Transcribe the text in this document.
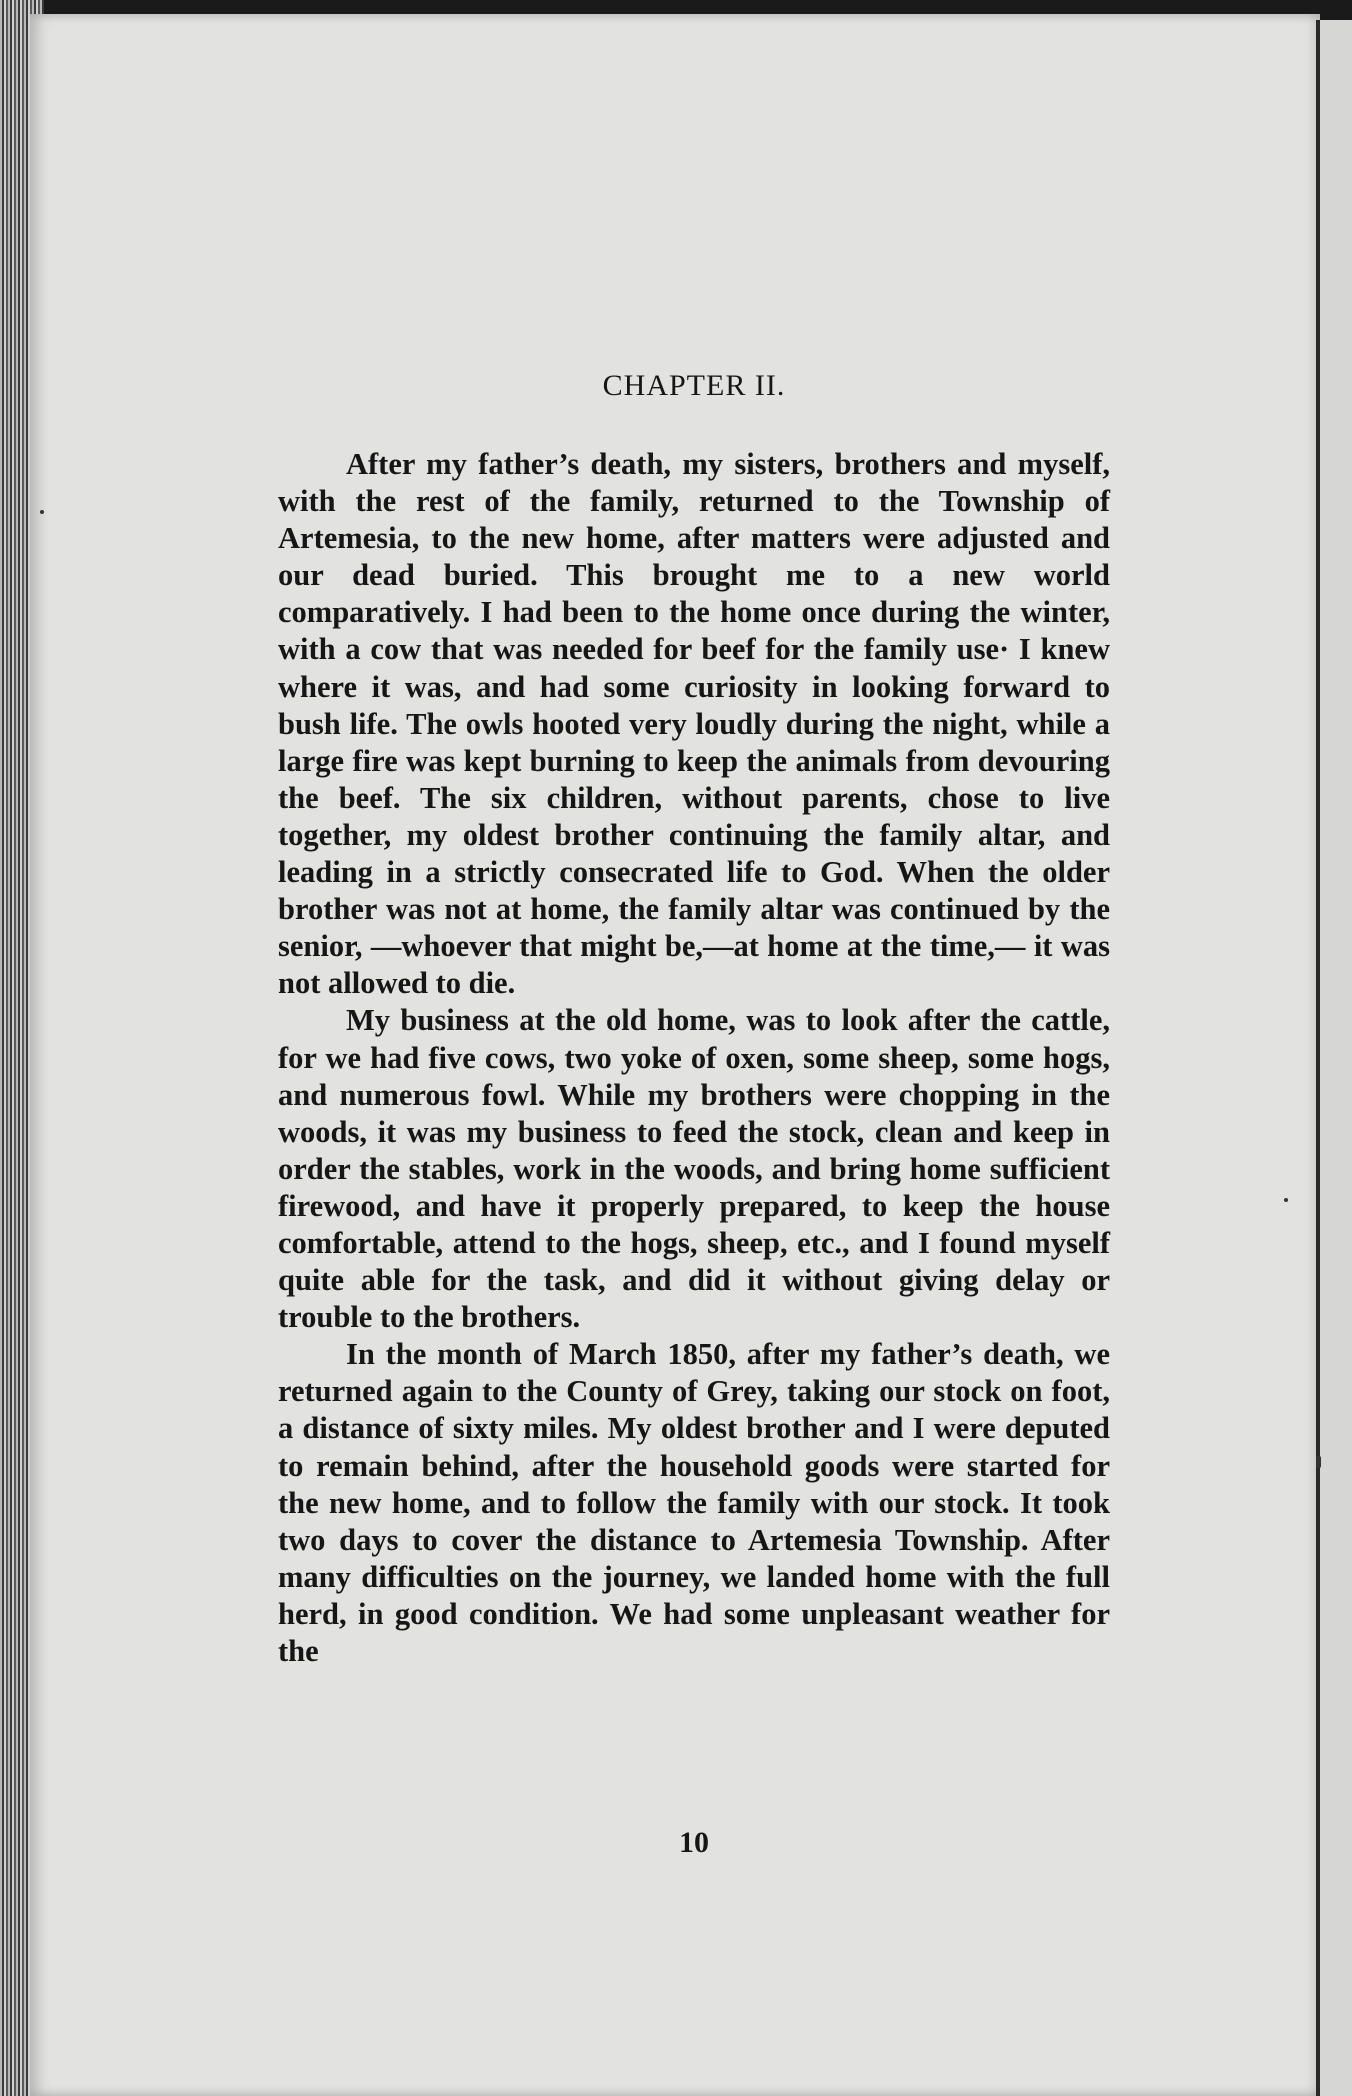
CHAPTER II.

After my father’s death, my sisters, brothers and myself, with the rest of the family, returned to the Township of Artemesia, to the new home, after matters were adjusted and our dead buried. This brought me to a new world comparatively. I had been to the home once during the winter, with a cow that was needed for beef for the family use· I knew where it was, and had some curiosity in looking forward to bush life. The owls hooted very loudly during the night, while a large fire was kept burning to keep the animals from devouring the beef. The six children, without parents, chose to live together, my oldest brother continuing the family altar, and leading in a strictly consecrated life to God. When the older brother was not at home, the family altar was continued by the senior, —whoever that might be,—at home at the time,— it was not allowed to die.

My business at the old home, was to look after the cattle, for we had five cows, two yoke of oxen, some sheep, some hogs, and numerous fowl. While my brothers were chopping in the woods, it was my business to feed the stock, clean and keep in order the stables, work in the woods, and bring home sufficient firewood, and have it properly prepared, to keep the house comfortable, attend to the hogs, sheep, etc., and I found myself quite able for the task, and did it without giving delay or trouble to the brothers.

In the month of March 1850, after my father’s death, we returned again to the County of Grey, taking our stock on foot, a distance of sixty miles. My oldest brother and I were deputed to remain behind, after the household goods were started for the new home, and to follow the family with our stock. It took two days to cover the distance to Artemesia Township. After many difficulties on the journey, we landed home with the full herd, in good condition. We had some unpleasant weather for the

10
